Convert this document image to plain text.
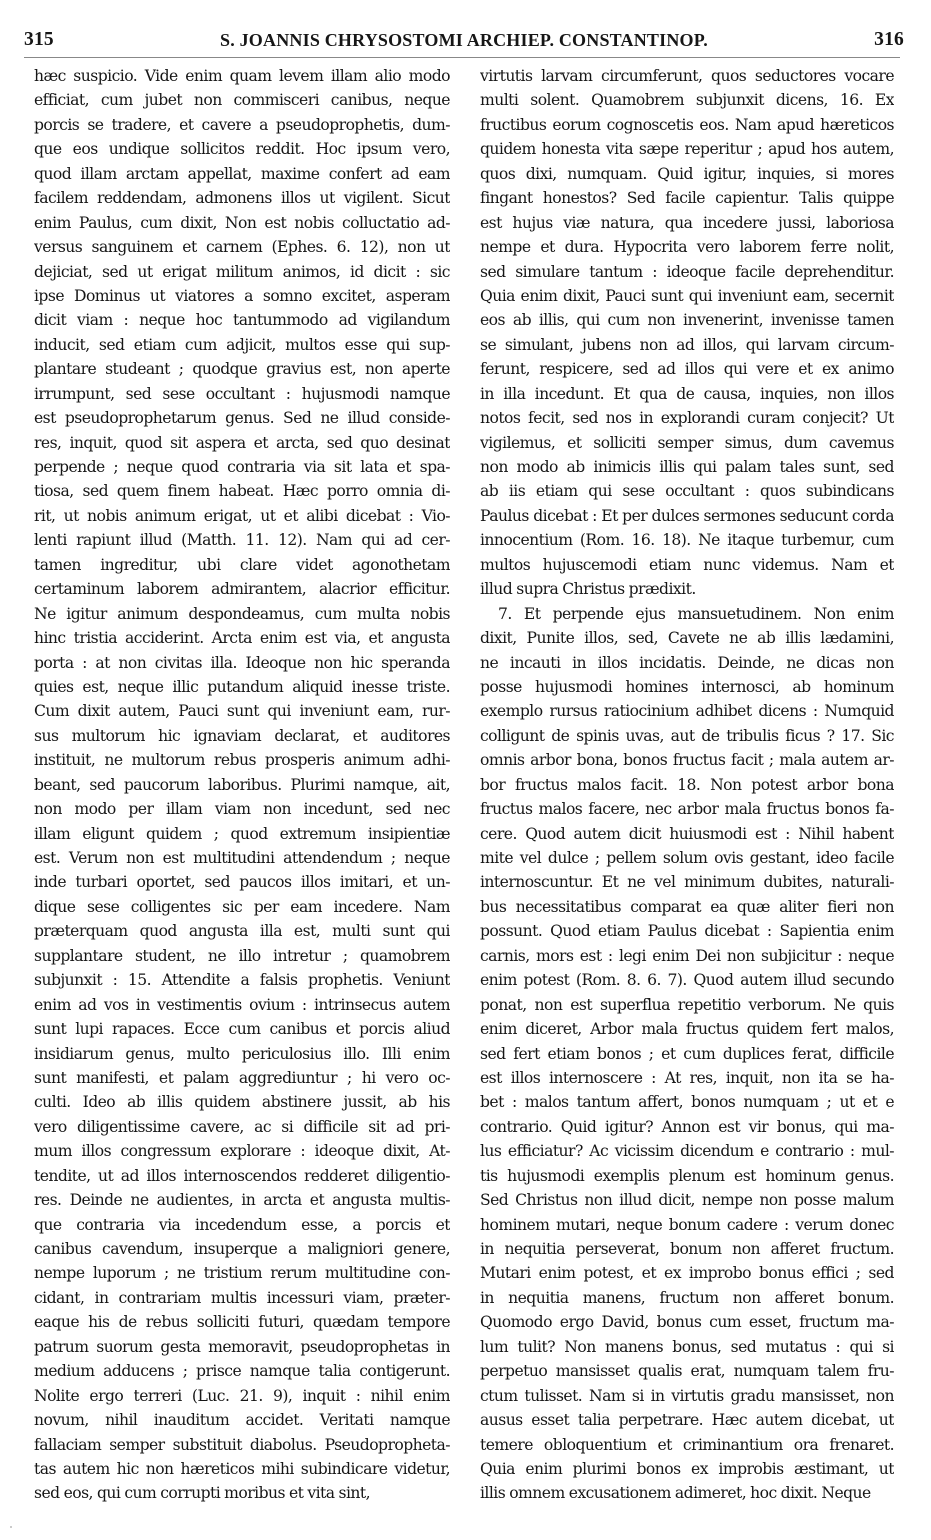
315	S. JOANNIS CHRYSOSTOMI ARCHIEP. CONSTANTINOP.	316
hæc suspicio. Vide enim quam levem illam alio modo
efficiat, cum jubet non commisceri canibus, neque
porcis se tradere, et cavere a pseudoprophetis, dum-
que eos undique sollicitos reddit. Hoc ipsum vero,
quod illam arctam appellat, maxime confert ad eam
facilem reddendam, admonens illos ut vigilent. Sicut
enim Paulus, cum dixit, Non est nobis colluctatio ad-
versus sanguinem et carnem (Ephes. 6. 12), non ut
dejiciat, sed ut erigat militum animos, id dicit : sic
ipse Dominus ut viatores a somno excitet, asperam
dicit viam : neque hoc tantummodo ad vigilandum
inducit, sed etiam cum adjicit, multos esse qui sup-
plantare studeant ; quodque gravius est, non aperte
irrumpunt, sed sese occultant : hujusmodi namque
est pseudoprophetarum genus. Sed ne illud conside-
res, inquit, quod sit aspera et arcta, sed quo desinat
perpende ; neque quod contraria via sit lata et spa-
tiosa, sed quem finem habeat. Hæc porro omnia di-
rit, ut nobis animum erigat, ut et alibi dicebat : Vio-
lenti rapiunt illud (Matth. 11. 12). Nam qui ad cer-
tamen ingreditur, ubi clare videt agonothetam
certaminum laborem admirantem, alacrior efficitur.
Ne igitur animum despondeamus, cum multa nobis
hinc tristia acciderint. Arcta enim est via, et angusta
porta : at non civitas illa. Ideoque non hic speranda
quies est, neque illic putandum aliquid inesse triste.
Cum dixit autem, Pauci sunt qui inveniunt eam, rur-
sus multorum hic ignaviam declarat, et auditores
instituit, ne multorum rebus prosperis animum adhi-
beant, sed paucorum laboribus. Plurimi namque, ait,
non modo per illam viam non incedunt, sed nec
illam eligunt quidem ; quod extremum insipientiæ
est. Verum non est multitudini attendendum ; neque
inde turbari oportet, sed paucos illos imitari, et un-
dique sese colligentes sic per eam incedere. Nam
præterquam quod angusta illa est, multi sunt qui
supplantare student, ne illo intretur ; quamobrem
subjunxit : 15. Attendite a falsis prophetis. Veniunt
enim ad vos in vestimentis ovium : intrinsecus autem
sunt lupi rapaces. Ecce cum canibus et porcis aliud
insidiarum genus, multo periculosius illo. Illi enim
sunt manifesti, et palam aggrediuntur ; hi vero oc-
culti. Ideo ab illis quidem abstinere jussit, ab his
vero diligentissime cavere, ac si difficile sit ad pri-
mum illos congressum explorare : ideoque dixit, At-
tendite, ut ad illos internoscendos redderet diligentio-
res. Deinde ne audientes, in arcta et angusta multis-
que contraria via incedendum esse, a porcis et
canibus cavendum, insuperque a maligniori genere,
nempe luporum ; ne tristium rerum multitudine con-
cidant, in contrariam multis incessuri viam, præter-
eaque his de rebus solliciti futuri, quædam tempore
patrum suorum gesta memoravit, pseudoprophetas in
medium adducens ; prisce namque talia contigerunt.
Nolite ergo terreri (Luc. 21. 9), inquit : nihil enim
novum, nihil inauditum accidet. Veritati namque
fallaciam semper substituit diabolus. Pseudopropheta-
tas autem hic non hæreticos mihi subindicare videtur,
sed eos, qui cum corrupti moribus et vita sint,
virtutis larvam circumferunt, quos seductores vocare
multi solent. Quamobrem subjunxit dicens, 16. Ex
fructibus eorum cognoscetis eos. Nam apud hæreticos
quidem honesta vita sæpe reperitur ; apud hos autem,
quos dixi, numquam. Quid igitur, inquies, si mores
fingant honestos? Sed facile capientur. Talis quippe
est hujus viæ natura, qua incedere jussi, laboriosa
nempe et dura. Hypocrita vero laborem ferre nolit,
sed simulare tantum : ideoque facile deprehenditur.
Quia enim dixit, Pauci sunt qui inveniunt eam, secernit
eos ab illis, qui cum non invenerint, invenisse tamen
se simulant, jubens non ad illos, qui larvam circum-
ferunt, respicere, sed ad illos qui vere et ex animo
in illa incedunt. Et qua de causa, inquies, non illos
notos fecit, sed nos in explorandi curam conjecit? Ut
vigilemus, et solliciti semper simus, dum cavemus
non modo ab inimicis illis qui palam tales sunt, sed
ab iis etiam qui sese occultant : quos subindicans
Paulus dicebat : Et per dulces sermones seducunt corda
innocentium (Rom. 16. 18). Ne itaque turbemur, cum
multos hujuscemodi etiam nunc videmus. Nam et
illud supra Christus prædixit.
7. Et perpende ejus mansuetudinem. Non enim
dixit, Punite illos, sed, Cavete ne ab illis lædamini,
ne incauti in illos incidatis. Deinde, ne dicas non
posse hujusmodi homines internosci, ab hominum
exemplo rursus ratiocinium adhibet dicens : Numquid
colligunt de spinis uvas, aut de tribulis ficus ? 17. Sic
omnis arbor bona, bonos fructus facit ; mala autem ar-
bor fructus malos facit. 18. Non potest arbor bona
fructus malos facere, nec arbor mala fructus bonos fa-
cere. Quod autem dicit huiusmodi est : Nihil habent
mite vel dulce ; pellem solum ovis gestant, ideo facile
internoscuntur. Et ne vel minimum dubites, naturali-
bus necessitatibus comparat ea quæ aliter fieri non
possunt. Quod etiam Paulus dicebat : Sapientia enim
carnis, mors est : legi enim Dei non subjicitur : neque
enim potest (Rom. 8. 6. 7). Quod autem illud secundo
ponat, non est superflua repetitio verborum. Ne quis
enim diceret, Arbor mala fructus quidem fert malos,
sed fert etiam bonos ; et cum duplices ferat, difficile
est illos internoscere : At res, inquit, non ita se ha-
bet : malos tantum affert, bonos numquam ; ut et e
contrario. Quid igitur? Annon est vir bonus, qui ma-
lus efficiatur? Ac vicissim dicendum e contrario : mul-
tis hujusmodi exemplis plenum est hominum genus.
Sed Christus non illud dicit, nempe non posse malum
hominem mutari, neque bonum cadere : verum donec
in nequitia perseverat, bonum non afferet fructum.
Mutari enim potest, et ex improbo bonus effici ; sed
in nequitia manens, fructum non afferet bonum.
Quomodo ergo David, bonus cum esset, fructum ma-
lum tulit? Non manens bonus, sed mutatus : qui si
perpetuo mansisset qualis erat, numquam talem fru-
ctum tulisset. Nam si in virtutis gradu mansisset, non
ausus esset talia perpetrare. Hæc autem dicebat, ut
temere obloquentium et criminantium ora frenaret.
Quia enim plurimi bonos ex improbis æstimant, ut
illis omnem excusationem adimeret, hoc dixit. Neque
